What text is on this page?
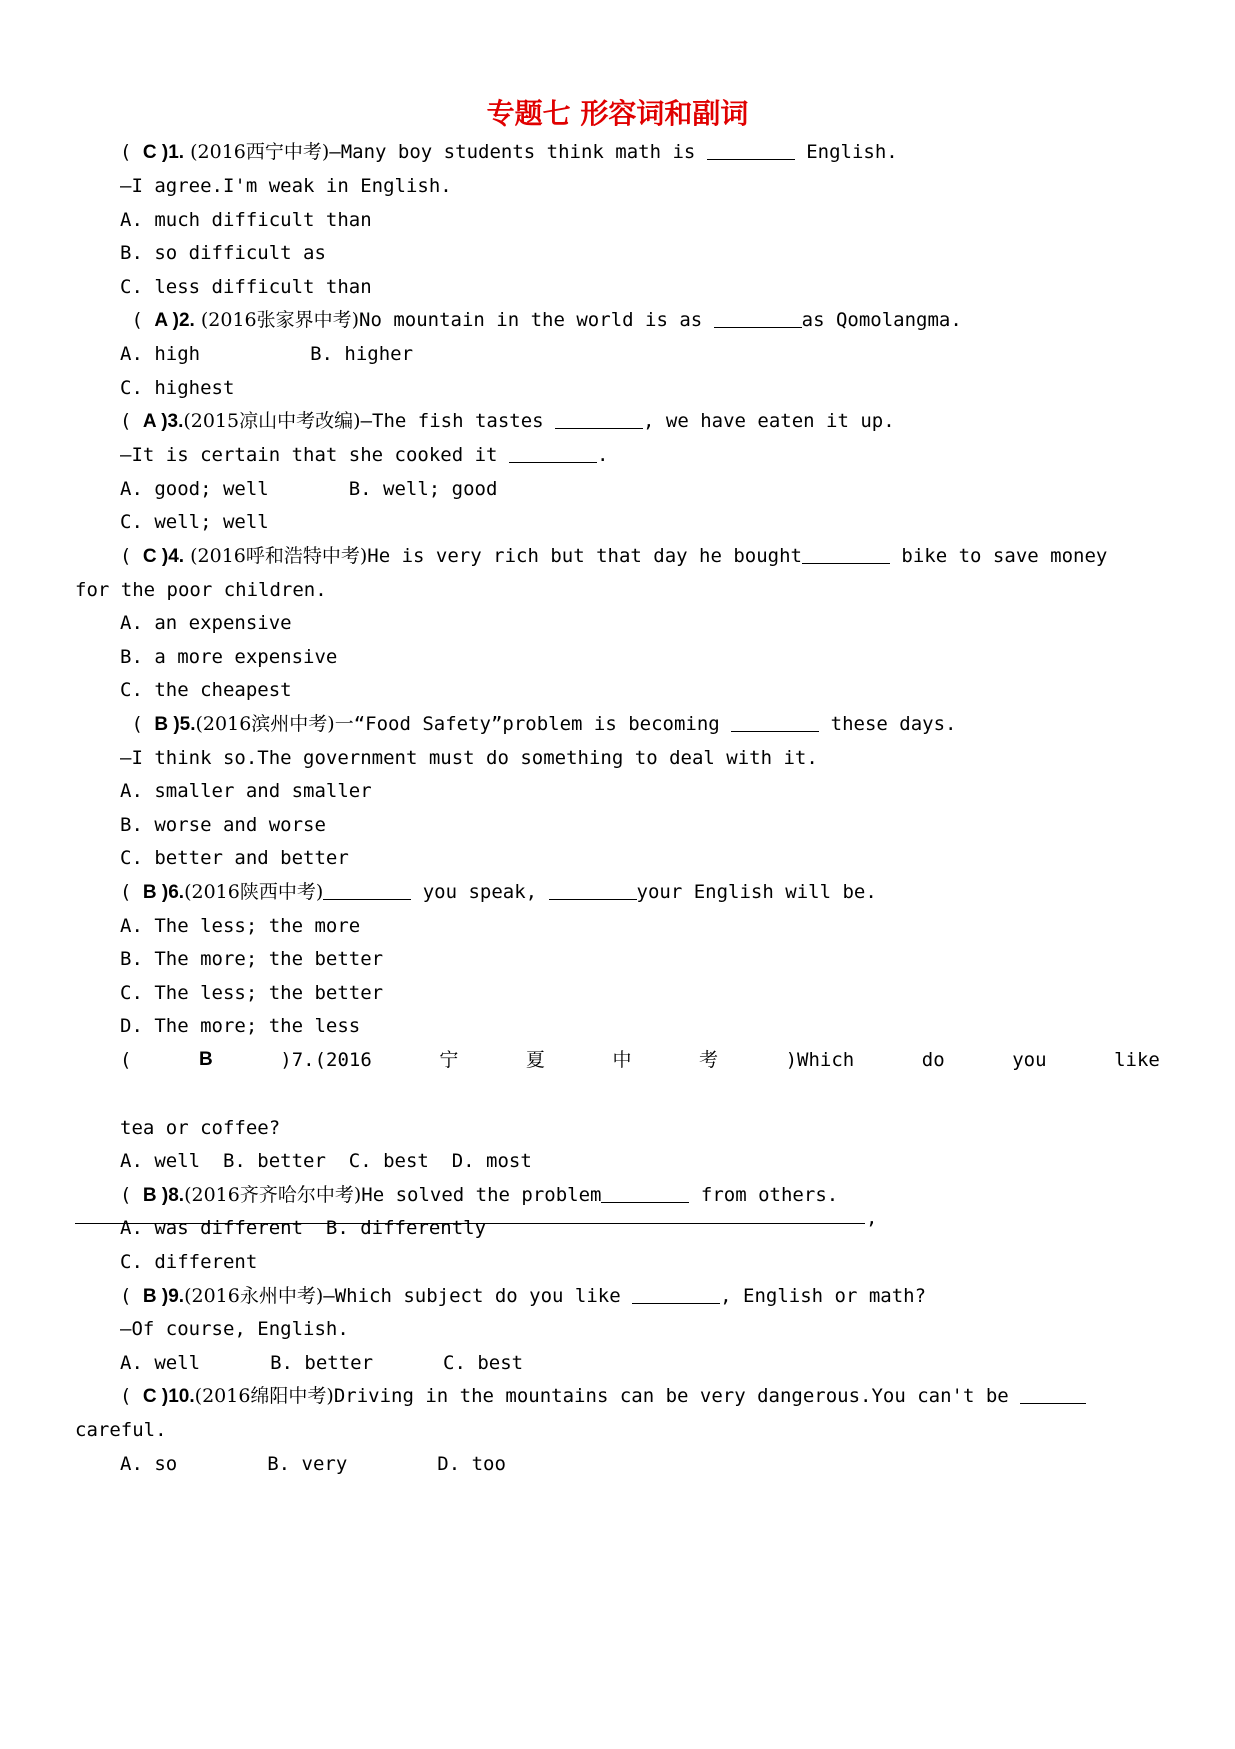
专题七 形容词和副词
( C )1. (2016西宁中考)—Many boy students think math is	English.
—I agree.I'm weak in English.
A. much difficult than
B. so difficult as
C. less difficult than
( A )2. (2016张家界中考)No mountain in the world is as	as Qomolangma.
A. high	B. higher
C. highest
( A )3.(2015凉山中考改编)—The fish tastes	, we have eaten it up.
—It is certain that she cooked it	.
A. good; well	B. well; good
C. well; well
( C )4. (2016呼和浩特中考)He is very rich but that day he bought	bike to save money
for the poor children.
A. an expensive
B. a more expensive
C. the cheapest
( B )5.(2016滨州中考)一“Food Safety”problem is becoming	these days.
—I think so.The government must do something to deal with it.
A. smaller and smaller
B. worse and worse
C. better and better
( B )6.(2016陕西中考)	you speak,	your English will be.
A. The less; the more
B. The more; the better
C. The less; the better
D. The more; the less
(	B	)7.(2016	宁	夏	中	考	)Which	do	you	like
,
tea or coffee?
A. well  B. better  C. best  D. most
( B )8.(2016齐齐哈尔中考)He solved the problem	from others.
A. was different  B. differently
C. different
( B )9.(2016永州中考)—Which subject do you like	, English or math?
—Of course, English.
A. well	B. better	C. best
( C )10.(2016绵阳中考)Driving in the mountains can be very dangerous.You can't be
careful.
A. so	B. very	D. too
